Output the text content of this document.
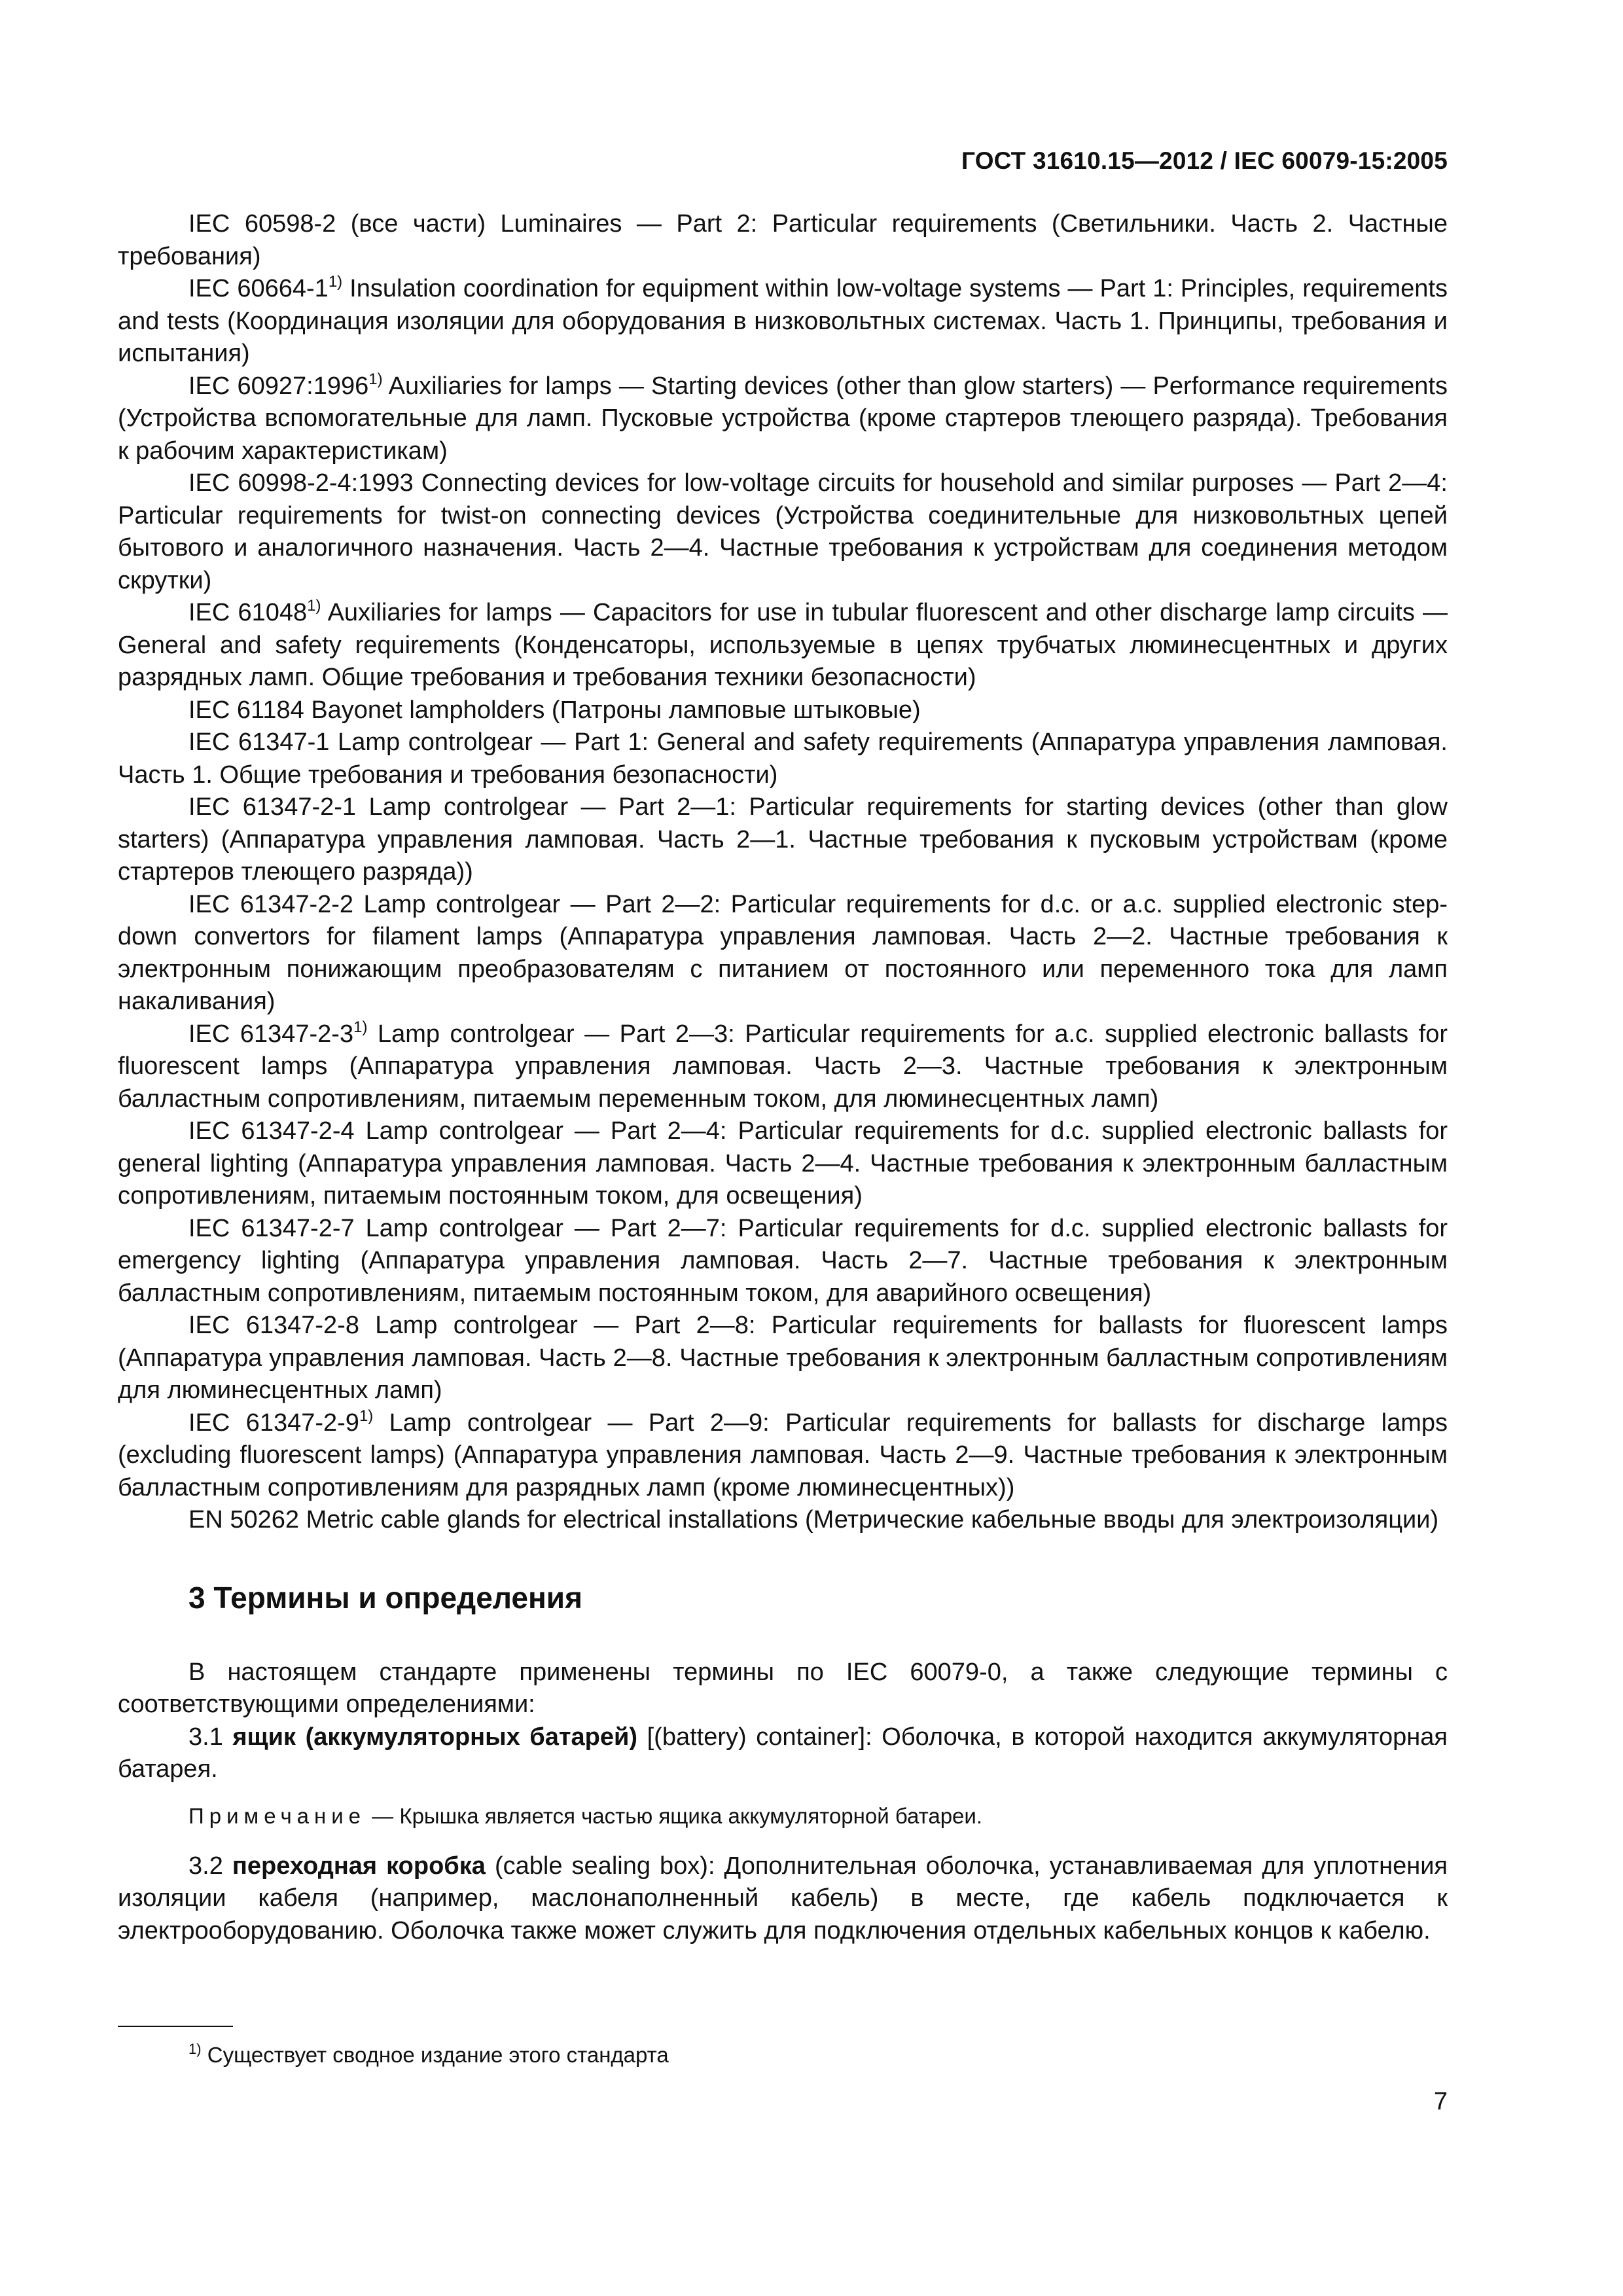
ГОСТ 31610.15—2012 / IEC 60079-15:2005

IEC 60598-2 (все части) Luminaires — Part 2: Particular requirements (Светильники. Часть 2. Частные требования)

IEC 60664-1$^{1)}$ Insulation coordination for equipment within low-voltage systems — Part 1: Principles, requirements and tests (Координация изоляции для оборудования в низковольтных системах. Часть 1. Принципы, требования и испытания)

IEC 60927:1996$^{1)}$ Auxiliaries for lamps — Starting devices (other than glow starters) — Performance requirements (Устройства вспомогательные для ламп. Пусковые устройства (кроме стартеров тлеющего разряда). Требования к рабочим характеристикам)

IEC 60998-2-4:1993 Connecting devices for low-voltage circuits for household and similar purposes — Part 2—4: Particular requirements for twist-on connecting devices (Устройства соединительные для низковольтных цепей бытового и аналогичного назначения. Часть 2—4. Частные требования к устройствам для соединения методом скрутки)

IEC 61048$^{1)}$ Auxiliaries for lamps — Capacitors for use in tubular fluorescent and other discharge lamp circuits — General and safety requirements (Конденсаторы, используемые в цепях трубчатых люминесцентных и других разрядных ламп. Общие требования и требования техники безопасности)

IEC 61184 Bayonet lampholders (Патроны ламповые штыковые)

IEC 61347-1 Lamp controlgear — Part 1: General and safety requirements (Аппаратура управления ламповая. Часть 1. Общие требования и требования безопасности)

IEC 61347-2-1 Lamp controlgear — Part 2—1: Particular requirements for starting devices (other than glow starters) (Аппаратура управления ламповая. Часть 2—1. Частные требования к пусковым устройствам (кроме стартеров тлеющего разряда))

IEC 61347-2-2 Lamp controlgear — Part 2—2: Particular requirements for d.c. or a.c. supplied electronic step-down convertors for filament lamps (Аппаратура управления ламповая. Часть 2—2. Частные требования к электронным понижающим преобразователям с питанием от постоянного или переменного тока для ламп накаливания)

IEC 61347-2-3$^{1)}$ Lamp controlgear — Part 2—3: Particular requirements for a.c. supplied electronic ballasts for fluorescent lamps (Аппаратура управления ламповая. Часть 2—3. Частные требования к электронным балластным сопротивлениям, питаемым переменным током, для люминесцентных ламп)

IEC 61347-2-4 Lamp controlgear — Part 2—4: Particular requirements for d.c. supplied electronic ballasts for general lighting (Аппаратура управления ламповая. Часть 2—4. Частные требования к электронным балластным сопротивлениям, питаемым постоянным током, для освещения)

IEC 61347-2-7 Lamp controlgear — Part 2—7: Particular requirements for d.c. supplied electronic ballasts for emergency lighting (Аппаратура управления ламповая. Часть 2—7. Частные требования к электронным балластным сопротивлениям, питаемым постоянным током, для аварийного освещения)

IEC 61347-2-8 Lamp controlgear — Part 2—8: Particular requirements for ballasts for fluorescent lamps (Аппаратура управления ламповая. Часть 2—8. Частные требования к электронным балластным сопротивлениям для люминесцентных ламп)

IEC 61347-2-9$^{1)}$ Lamp controlgear — Part 2—9: Particular requirements for ballasts for discharge lamps (excluding fluorescent lamps) (Аппаратура управления ламповая. Часть 2—9. Частные требования к электронным балластным сопротивлениям для разрядных ламп (кроме люминесцентных))

EN 50262 Metric cable glands for electrical installations (Метрические кабельные вводы для электроизоляции)

3 Термины и определения

В настоящем стандарте применены термины по IEC 60079-0, а также следующие термины с соответствующими определениями:

3.1 ящик (аккумуляторных батарей) [(battery) container]: Оболочка, в которой находится аккумуляторная батарея.

Примечание — Крышка является частью ящика аккумуляторной батареи.

3.2 переходная коробка (cable sealing box): Дополнительная оболочка, устанавливаемая для уплотнения изоляции кабеля (например, маслонаполненный кабель) в месте, где кабель подключается к электрооборудованию. Оболочка также может служить для подключения отдельных кабельных концов к кабелю.

$^{1)}$ Существует сводное издание этого стандарта
7
